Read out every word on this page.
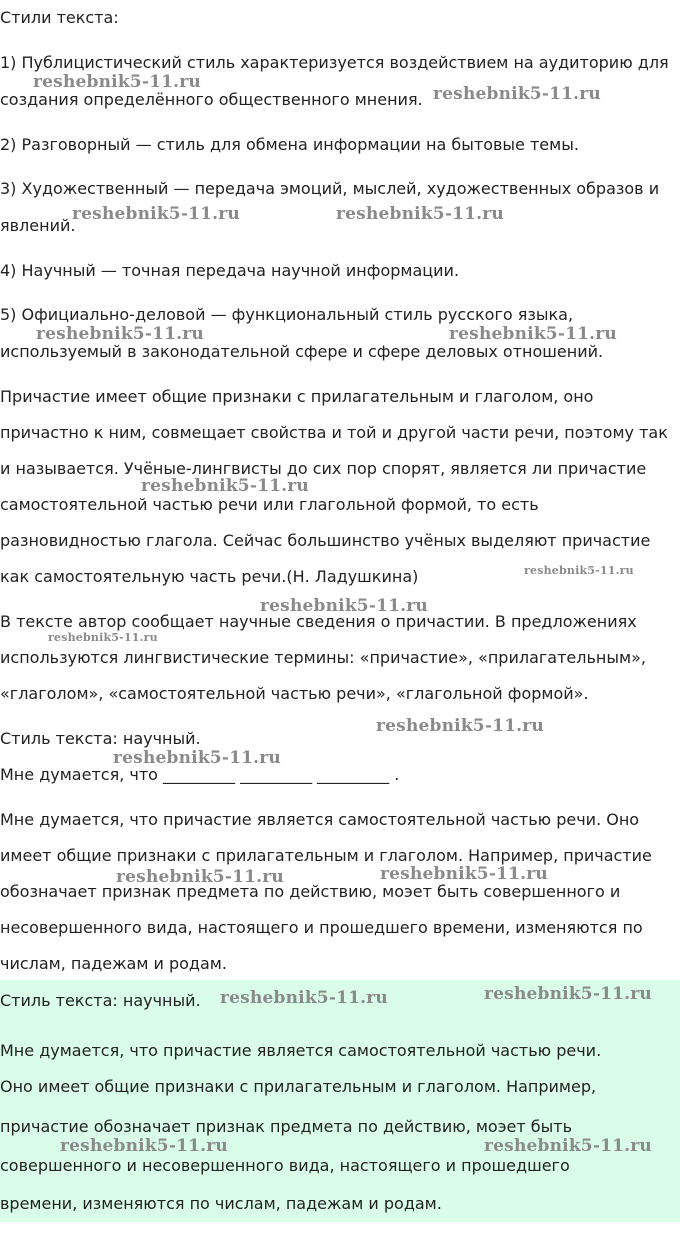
Стили текста:

1) Публицистический стиль характеризуется воздействием на аудиторию для

создания определённого общественного мнения.

2) Разговорный — стиль для обмена информации на бытовые темы.

3) Художественный — передача эмоций, мыслей, художественных образов и

явлений.

4) Научный — точная передача научной информации.

5) Официально-деловой — функциональный стиль русского языка,

используемый в законодательной сфере и сфере деловых отношений.

Причастие имеет общие признаки с прилагательным и глаголом, оно

причастно к ним, совмещает свойства и той и другой части речи, поэтому так

и называется. Учёные-лингвисты до сих пор спорят, является ли причастие

самостоятельной частью речи или глагольной формой, то есть

разновидностью глагола. Сейчас большинство учёных выделяют причастие

как самостоятельную часть речи.(Н. Ладушкина)

В тексте автор сообщает научные сведения о причастии. В предложениях

используются лингвистические термины: «причастие», «прилагательным»,

«глаголом», «самостоятельной частью речи», «глагольной формой».

Стиль текста: научный.

Мне думается, что _________ _________ _________ .

Мне думается, что причастие является самостоятельной частью речи. Оно

имеет общие признаки с прилагательным и глаголом. Например, причастие

обозначает признак предмета по действию, моэет быть совершенного и

несовершенного вида, настоящего и прошедшего времени, изменяются по

числам, падежам и родам.

Стиль текста: научный.

Мне думается, что причастие является самостоятельной частью речи.

Оно имеет общие признаки с прилагательным и глаголом. Например,

причастие обозначает признак предмета по действию, моэет быть

совершенного и несовершенного вида, настоящего и прошедшего

времени, изменяются по числам, падежам и родам.

reshebnik5-11.ru
reshebnik5-11.ru
reshebnik5-11.ru	reshebnik5-11.ru
reshebnik5-11.ru	reshebnik5-11.ru
reshebnik5-11.ru
reshebnik5-11.ru
reshebnik5-11.ru
reshebnik5-11.ru
reshebnik5-11.ru
reshebnik5-11.ru
reshebnik5-11.ru	reshebnik5-11.ru
reshebnik5-11.ru	reshebnik5-11.ru
reshebnik5-11.ru	reshebnik5-11.ru
